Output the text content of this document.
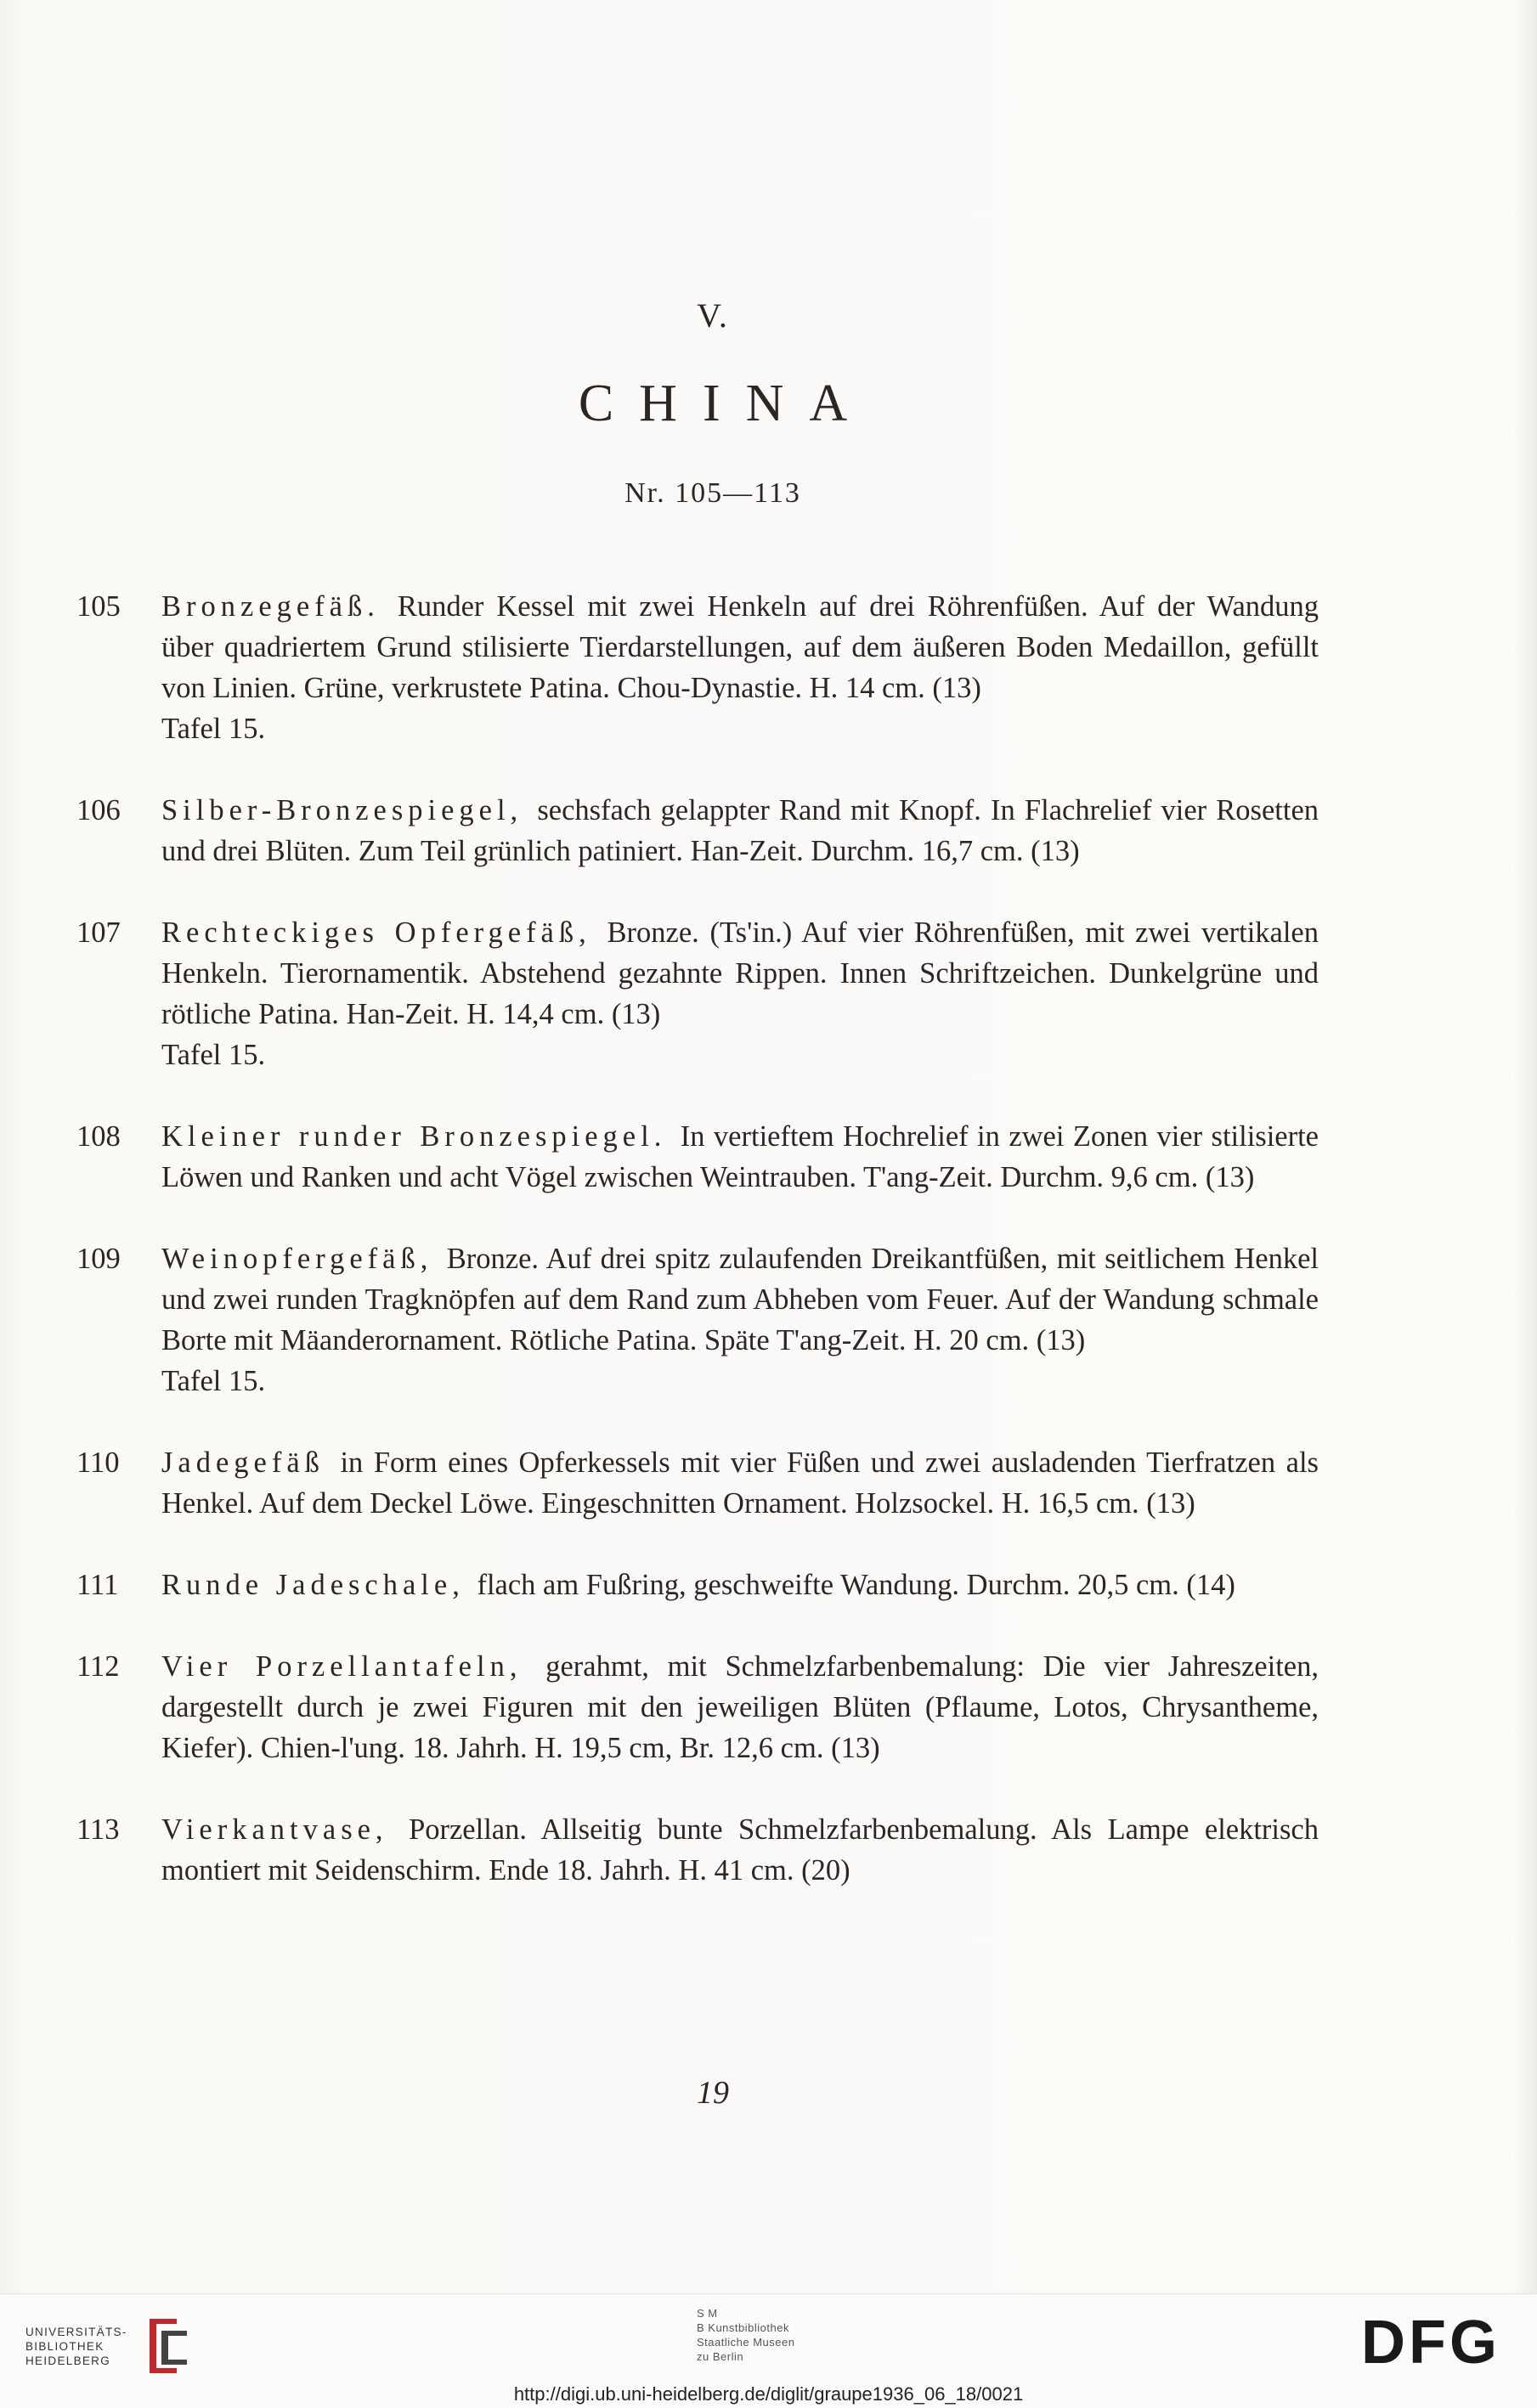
V.
CHINA
Nr. 105—113
105	Bronzegefäß. Runder Kessel mit zwei Henkeln auf drei Röhrenfüßen. Auf der Wandung über quadriertem Grund stilisierte Tierdarstellungen, auf dem äußeren Boden Medaillon, gefüllt von Linien. Grüne, verkrustete Patina. Chou-Dynastie. H. 14 cm. (13)
Tafel 15.
106	Silber-Bronzespiegel, sechsfach gelappter Rand mit Knopf. In Flachrelief vier Rosetten und drei Blüten. Zum Teil grünlich patiniert. Han-Zeit. Durchm. 16,7 cm. (13)
107	Rechteckiges Opfergefäß, Bronze. (Ts'in.) Auf vier Röhrenfüßen, mit zwei vertikalen Henkeln. Tierornamentik. Abstehend gezahnte Rippen. Innen Schriftzeichen. Dunkelgrüne und rötliche Patina. Han-Zeit. H. 14,4 cm. (13)
Tafel 15.
108	Kleiner runder Bronzespiegel. In vertieftem Hochrelief in zwei Zonen vier stilisierte Löwen und Ranken und acht Vögel zwischen Weintrauben. T'ang-Zeit. Durchm. 9,6 cm. (13)
109	Weinopfergefäß, Bronze. Auf drei spitz zulaufenden Dreikantfüßen, mit seitlichem Henkel und zwei runden Tragknöpfen auf dem Rand zum Abheben vom Feuer. Auf der Wandung schmale Borte mit Mäanderornament. Rötliche Patina. Späte T'ang-Zeit. H. 20 cm. (13)
Tafel 15.
110	Jadegefäß in Form eines Opferkessels mit vier Füßen und zwei ausladenden Tierfratzen als Henkel. Auf dem Deckel Löwe. Eingeschnitten Ornament. Holzsockel. H. 16,5 cm. (13)
111	Runde Jadeschale, flach am Fußring, geschweifte Wandung. Durchm. 20,5 cm. (14)
112	Vier Porzellantafeln, gerahmt, mit Schmelzfarbenbemalung: Die vier Jahreszeiten, dargestellt durch je zwei Figuren mit den jeweiligen Blüten (Pflaume, Lotos, Chrysantheme, Kiefer). Chien-l'ung. 18. Jahrh. H. 19,5 cm, Br. 12,6 cm. (13)
113	Vierkantvase, Porzellan. Allseitig bunte Schmelzfarbenbemalung. Als Lampe elektrisch montiert mit Seidenschirm. Ende 18. Jahrh. H. 41 cm. (20)
19
UNIVERSITÄTS-
BIBLIOTHEK
HEIDELBERG
S M
B Kunstbibliothek
Staatliche Museen
zu Berlin	DFG
http://digi.ub.uni-heidelberg.de/diglit/graupe1936_06_18/0021
